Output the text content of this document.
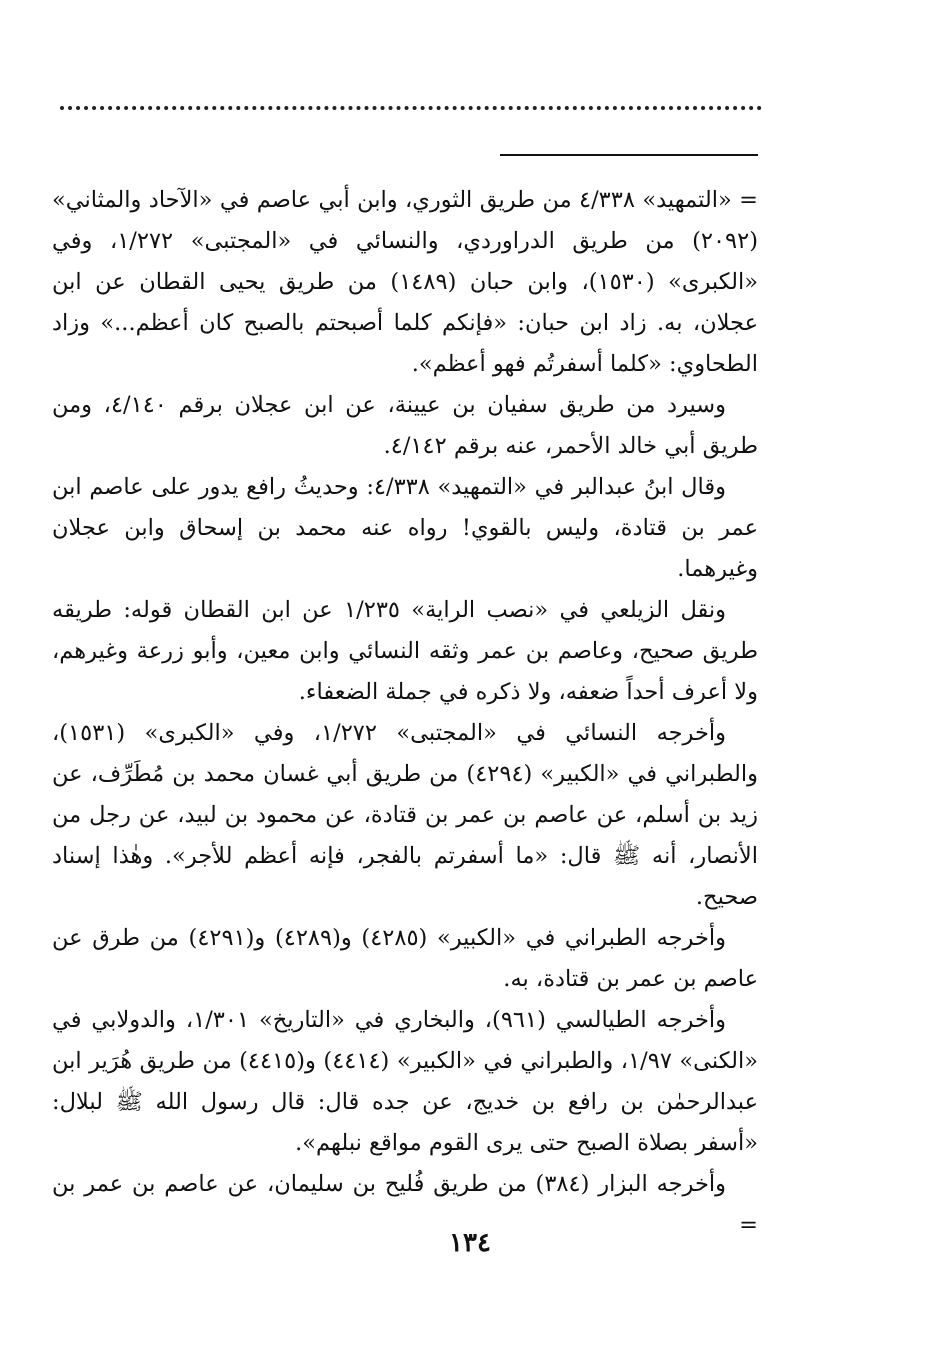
= «التمهيد» ٤/٣٣٨ من طريق الثوري، وابن أبي عاصم في «الآحاد والمثاني» (٢٠٩٢) من طريق الدراوردي، والنسائي في «المجتبى» ١/٢٧٢، وفي «الكبرى» (١٥٣٠)، وابن حبان (١٤٨٩) من طريق يحيى القطان عن ابن عجلان، به. زاد ابن حبان: «فإنكم كلما أصبحتم بالصبح كان أعظم...» وزاد الطحاوي: «كلما أسفرتُم فهو أعظم».

وسيرد من طريق سفيان بن عيينة، عن ابن عجلان برقم ٤/١٤٠، ومن طريق أبي خالد الأحمر، عنه برقم ٤/١٤٢.

وقال ابنُ عبدالبر في «التمهيد» ٤/٣٣٨: وحديثُ رافع يدور على عاصم ابن عمر بن قتادة، وليس بالقوي! رواه عنه محمد بن إسحاق وابن عجلان وغيرهما.

ونقل الزيلعي في «نصب الراية» ١/٢٣٥ عن ابن القطان قوله: طريقه طريق صحيح، وعاصم بن عمر وثقه النسائي وابن معين، وأبو زرعة وغيرهم، ولا أعرف أحداً ضعفه، ولا ذكره في جملة الضعفاء.

وأخرجه النسائي في «المجتبى» ١/٢٧٢، وفي «الكبرى» (١٥٣١)، والطبراني في «الكبير» (٤٢٩٤) من طريق أبي غسان محمد بن مُطَرِّف، عن زيد بن أسلم، عن عاصم بن عمر بن قتادة، عن محمود بن لبيد، عن رجل من الأنصار، أنه ﷺ قال: «ما أسفرتم بالفجر، فإنه أعظم للأجر». وهٰذا إسناد صحيح.

وأخرجه الطبراني في «الكبير» (٤٢٨٥) و(٤٢٨٩) و(٤٢٩١) من طرق عن عاصم بن عمر بن قتادة، به.

وأخرجه الطيالسي (٩٦١)، والبخاري في «التاريخ» ١/٣٠١، والدولابي في «الكنى» ١/٩٧، والطبراني في «الكبير» (٤٤١٤) و(٤٤١٥) من طريق هُرَير ابن عبدالرحمٰن بن رافع بن خديج، عن جده قال: قال رسول الله ﷺ لبلال: «أسفر بصلاة الصبح حتى يرى القوم مواقع نبلهم».

وأخرجه البزار (٣٨٤) من طريق فُليح بن سليمان، عن عاصم بن عمر بن =

١٣٤
